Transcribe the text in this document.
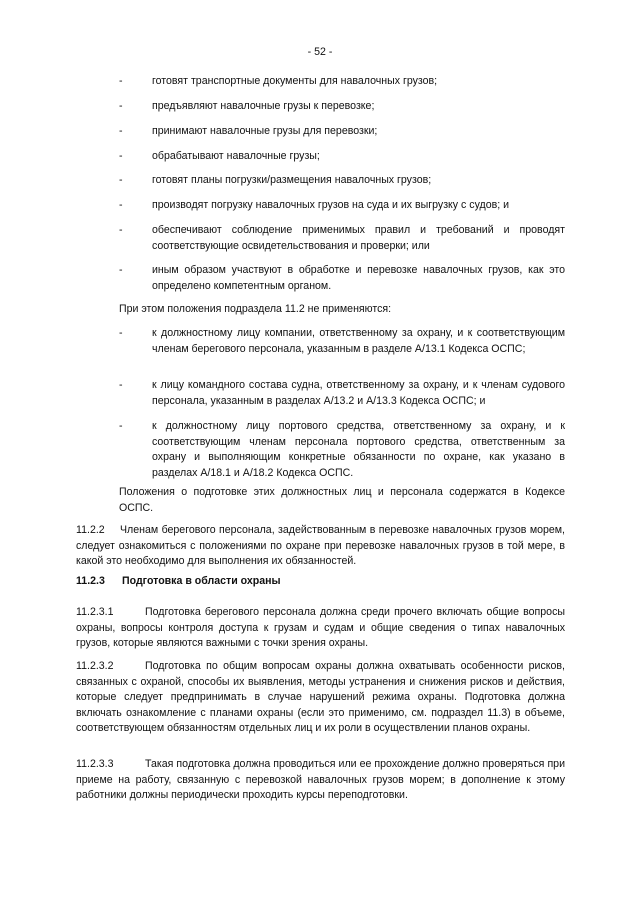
- 52 -
-	готовят транспортные документы для навалочных грузов;
-	предъявляют навалочные грузы к перевозке;
-	принимают навалочные грузы для перевозки;
-	обрабатывают навалочные грузы;
-	готовят планы погрузки/размещения навалочных грузов;
-	производят погрузку навалочных грузов на суда и их выгрузку с судов; и
-	обеспечивают соблюдение применимых правил и требований и проводят соответствующие освидетельствования и проверки; или
-	иным образом участвуют в обработке и перевозке навалочных грузов, как это определено компетентным органом.

При этом положения подраздела 11.2 не применяются:

-	к должностному лицу компании, ответственному за охрану, и к соответствующим членам берегового персонала, указанным в разделе А/13.1 Кодекса ОСПС;
-	к лицу командного состава судна, ответственному за охрану, и к членам судового персонала, указанным в разделах А/13.2 и А/13.3 Кодекса ОСПС; и
-	к должностному лицу портового средства, ответственному за охрану, и к соответствующим членам персонала портового средства, ответственным за охрану и выполняющим конкретные обязанности по охране, как указано в разделах А/18.1 и А/18.2 Кодекса ОСПС.

Положения о подготовке этих должностных лиц и персонала содержатся в Кодексе ОСПС.

11.2.2 Членам берегового персонала, задействованным в перевозке навалочных грузов морем, следует ознакомиться с положениями по охране при перевозке навалочных грузов в той мере, в какой это необходимо для выполнения их обязанностей.

11.2.3 Подготовка в области охраны

11.2.3.1	Подготовка берегового персонала должна среди прочего включать общие вопросы охраны, вопросы контроля доступа к грузам и судам и общие сведения о типах навалочных грузов, которые являются важными с точки зрения охраны.

11.2.3.2	Подготовка по общим вопросам охраны должна охватывать особенности рисков, связанных с охраной, способы их выявления, методы устранения и снижения рисков и действия, которые следует предпринимать в случае нарушений режима охраны. Подготовка должна включать ознакомление с планами охраны (если это применимо, см. подраздел 11.3) в объеме, соответствующем обязанностям отдельных лиц и их роли в осуществлении планов охраны.

11.2.3.3	Такая подготовка должна проводиться или ее прохождение должно проверяться при приеме на работу, связанную с перевозкой навалочных грузов морем; в дополнение к этому работники должны периодически проходить курсы переподготовки.
